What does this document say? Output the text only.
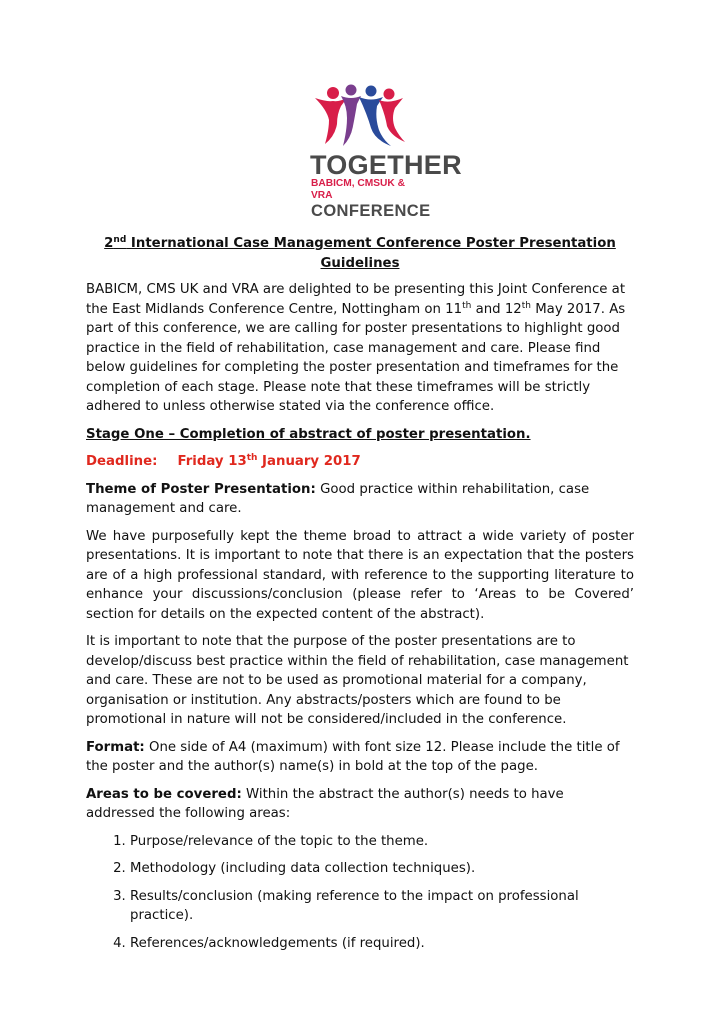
TOGETHER
BABICM, CMSUK & VRA
CONFERENCE

2nd International Case Management Conference Poster Presentation Guidelines

BABICM, CMS UK and VRA are delighted to be presenting this Joint Conference at the East Midlands Conference Centre, Nottingham on 11th and 12th May 2017. As part of this conference, we are calling for poster presentations to highlight good practice in the field of rehabilitation, case management and care. Please find below guidelines for completing the poster presentation and timeframes for the completion of each stage. Please note that these timeframes will be strictly adhered to unless otherwise stated via the conference office.

Stage One – Completion of abstract of poster presentation.

Deadline: Friday 13th January 2017

Theme of Poster Presentation: Good practice within rehabilitation, case management and care.

We have purposefully kept the theme broad to attract a wide variety of poster presentations. It is important to note that there is an expectation that the posters are of a high professional standard, with reference to the supporting literature to enhance your discussions/conclusion (please refer to ‘Areas to be Covered’ section for details on the expected content of the abstract).

It is important to note that the purpose of the poster presentations are to develop/discuss best practice within the field of rehabilitation, case management and care. These are not to be used as promotional material for a company, organisation or institution. Any abstracts/posters which are found to be promotional in nature will not be considered/included in the conference.

Format: One side of A4 (maximum) with font size 12. Please include the title of the poster and the author(s) name(s) in bold at the top of the page.

Areas to be covered: Within the abstract the author(s) needs to have addressed the following areas:

1. Purpose/relevance of the topic to the theme.
2. Methodology (including data collection techniques).
3. Results/conclusion (making reference to the impact on professional practice).
4. References/acknowledgements (if required).
